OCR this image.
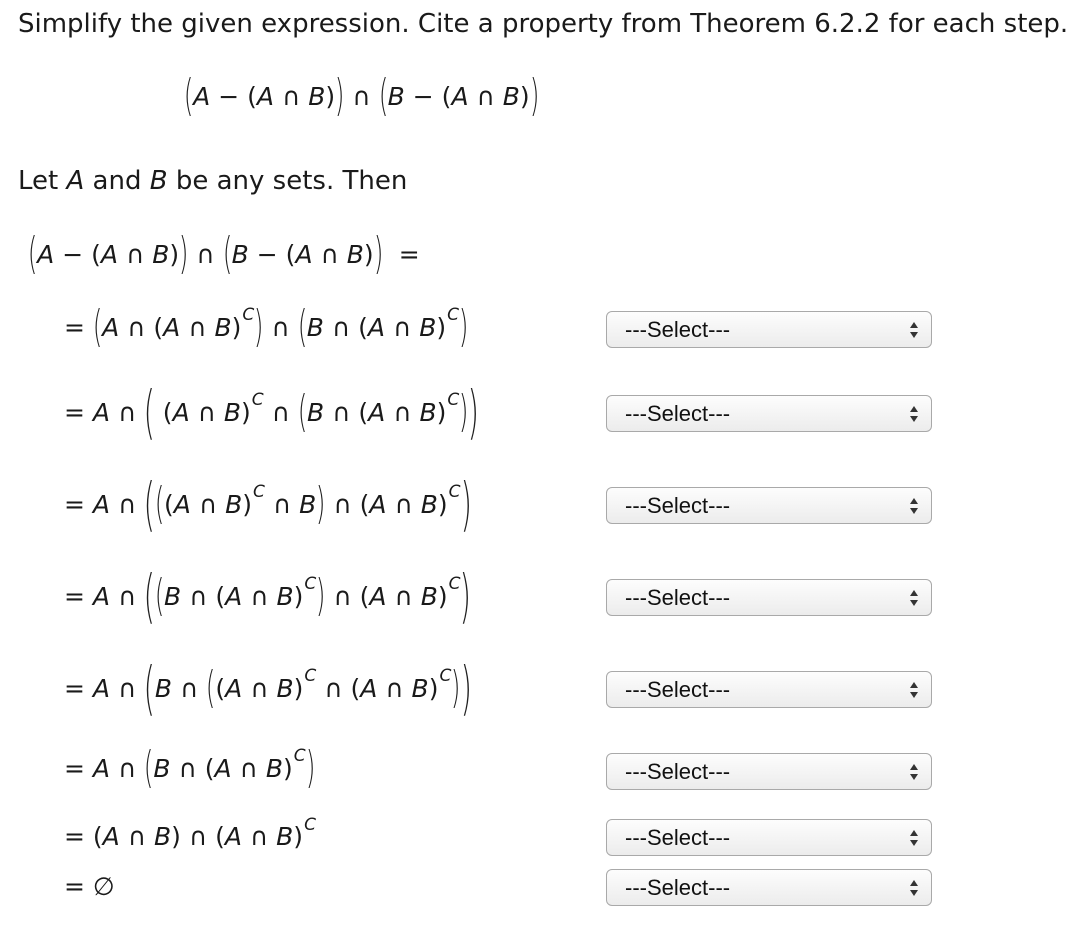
Simplify the given expression. Cite a property from Theorem 6.2.2 for each step.
( A − ( A ∩ B ) ) ∩ ( B − ( A ∩ B ) )
Let A and B be any sets. Then
( A − ( A ∩ B ) ) ∩ ( B − ( A ∩ B ) ) =
= ( A ∩ ( A ∩ B ) C ) ∩ ( B ∩ ( A ∩ B ) C )
= A ∩ ( ( A ∩ B ) C ∩ ( B ∩ ( A ∩ B ) C ) )
= A ∩ ( ( ( A ∩ B ) C ∩ B ) ∩ ( A ∩ B ) C )
= A ∩ ( ( B ∩ ( A ∩ B ) C ) ∩ ( A ∩ B ) C )
= A ∩ ( B ∩ ( ( A ∩ B ) C ∩ ( A ∩ B ) C ) )
= A ∩ ( B ∩ ( A ∩ B ) C )
= ( A ∩ B ) ∩ ( A ∩ B ) C
= ∅
---Select---
---Select---
---Select---
---Select---
---Select---
---Select---
---Select---
---Select---
